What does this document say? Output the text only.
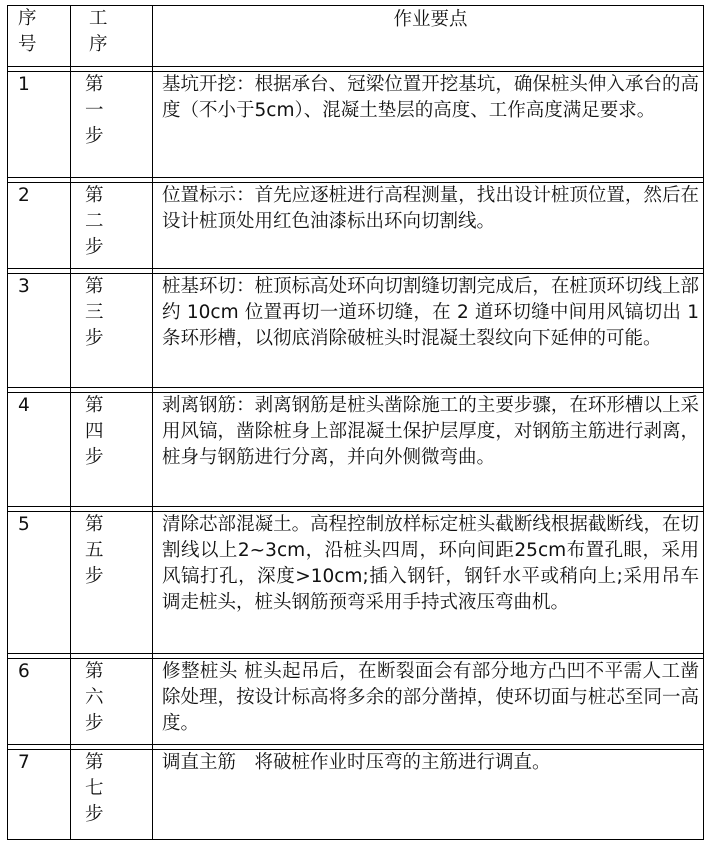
序号	工序	作业要点

1	第一步	基坑开挖：根据承台、冠梁位置开挖基坑，确保桩头伸入承台的高度（不小于5cm）、混凝土垫层的高度、工作高度满足要求。

2	第二步	位置标示：首先应逐桩进行高程测量，找出设计桩顶位置，然后在设计桩顶处用红色油漆标出环向切割线。

3	第三步	桩基环切：桩顶标高处环向切割缝切割完成后，在桩顶环切线上部约 10cm 位置再切一道环切缝，在 2 道环切缝中间用风镐切出 1 条环形槽，以彻底消除破桩头时混凝土裂纹向下延伸的可能。

4	第四步	剥离钢筋：剥离钢筋是桩头凿除施工的主要步骤，在环形槽以上采用风镐，凿除桩身上部混凝土保护层厚度，对钢筋主筋进行剥离，桩身与钢筋进行分离，并向外侧微弯曲。

5	第五步	清除芯部混凝土。高程控制放样标定桩头截断线根据截断线，在切割线以上2~3cm，沿桩头四周，环向间距25cm布置孔眼，采用风镐打孔，深度>10cm;插入钢钎，钢钎水平或稍向上;采用吊车调走桩头，桩头钢筋预弯采用手持式液压弯曲机。

6	第六步	修整桩头 桩头起吊后，在断裂面会有部分地方凸凹不平需人工凿除处理，按设计标高将多余的部分凿掉，使环切面与桩芯至同一高度。

7	第七步	调直主筋　将破桩作业时压弯的主筋进行调直。
